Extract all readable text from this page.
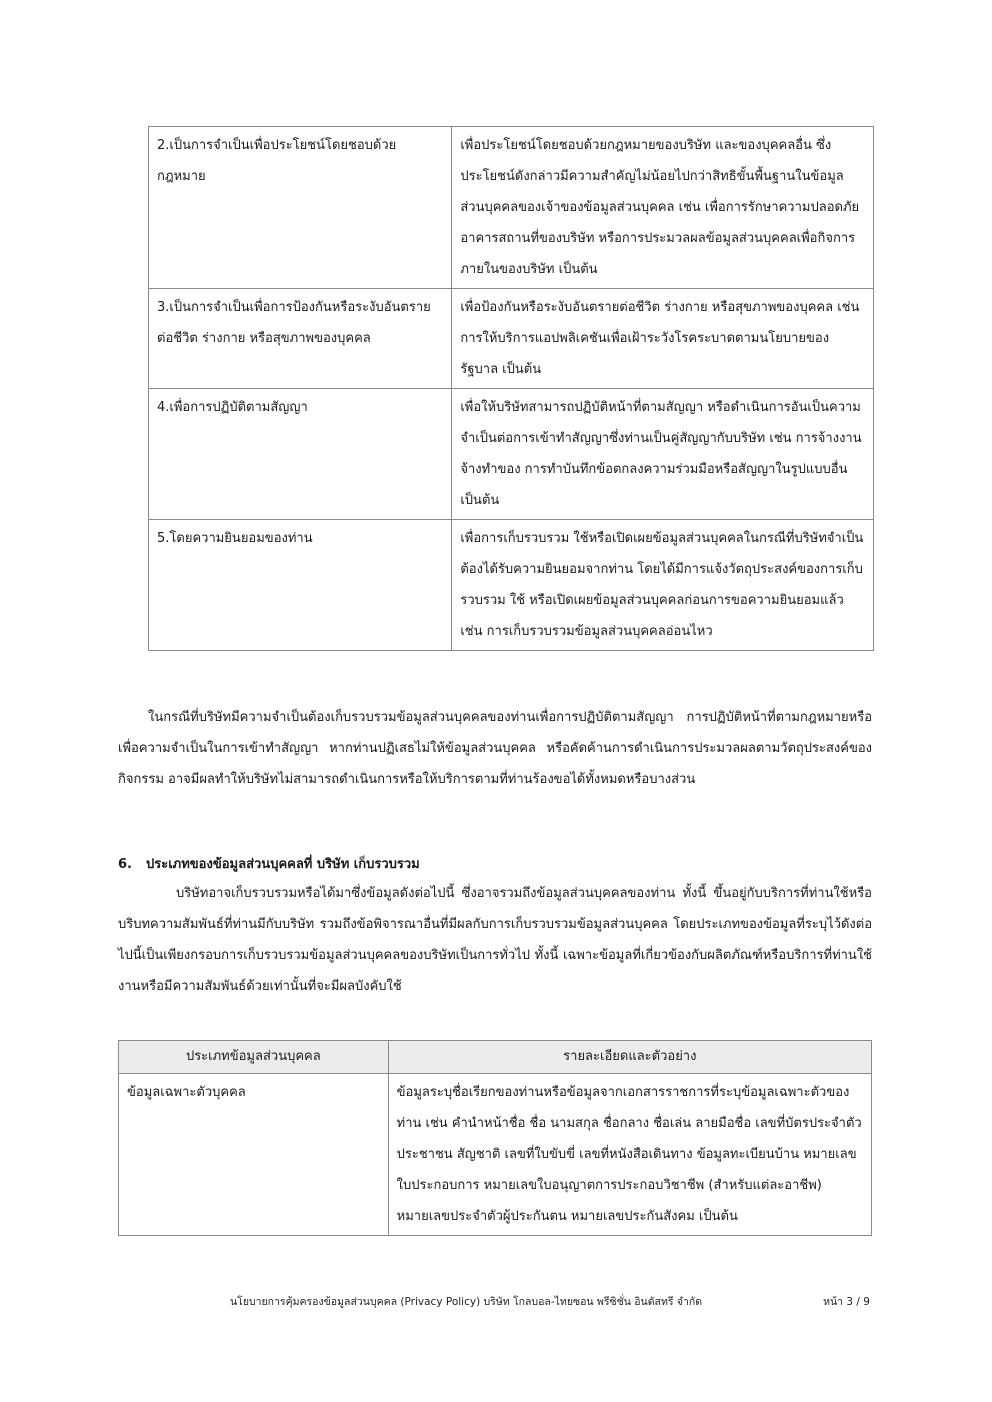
2.เป็นการจำเป็นเพื่อประโยชน์โดยชอบด้วยกฎหมาย	เพื่อประโยชน์โดยชอบด้วยกฎหมายของบริษัท และของบุคคลอื่น ซึ่งประโยชน์ดังกล่าวมีความสำคัญไม่น้อยไปกว่าสิทธิขั้นพื้นฐานในข้อมูลส่วนบุคคลของเจ้าของข้อมูลส่วนบุคคล เช่น เพื่อการรักษาความปลอดภัยอาคารสถานที่ของบริษัท หรือการประมวลผลข้อมูลส่วนบุคคลเพื่อกิจการภายในของบริษัท เป็นต้น
3.เป็นการจำเป็นเพื่อการป้องกันหรือระงับอันตรายต่อชีวิต ร่างกาย หรือสุขภาพของบุคคล	เพื่อป้องกันหรือระงับอันตรายต่อชีวิต ร่างกาย หรือสุขภาพของบุคคล เช่น การให้บริการแอปพลิเคชันเพื่อเฝ้าระวังโรคระบาดตามนโยบายของรัฐบาล เป็นต้น
4.เพื่อการปฏิบัติตามสัญญา	เพื่อให้บริษัทสามารถปฏิบัติหน้าที่ตามสัญญา หรือดำเนินการอันเป็นความจำเป็นต่อการเข้าทำสัญญาซึ่งท่านเป็นคู่สัญญากับบริษัท เช่น การจ้างงาน จ้างทำของ การทำบันทึกข้อตกลงความร่วมมือหรือสัญญาในรูปแบบอื่น เป็นต้น
5.โดยความยินยอมของท่าน	เพื่อการเก็บรวบรวม ใช้หรือเปิดเผยข้อมูลส่วนบุคคลในกรณีที่บริษัทจำเป็นต้องได้รับความยินยอมจากท่าน โดยได้มีการแจ้งวัตถุประสงค์ของการเก็บรวบรวม ใช้ หรือเปิดเผยข้อมูลส่วนบุคคลก่อนการขอความยินยอมแล้ว เช่น การเก็บรวบรวมข้อมูลส่วนบุคคลอ่อนไหว
ในกรณีที่บริษัทมีความจำเป็นต้องเก็บรวบรวมข้อมูลส่วนบุคคลของท่านเพื่อการปฏิบัติตามสัญญา การปฏิบัติหน้าที่ตามกฎหมายหรือเพื่อความจำเป็นในการเข้าทำสัญญา หากท่านปฏิเสธไม่ให้ข้อมูลส่วนบุคคล หรือคัดค้านการดำเนินการประมวลผลตามวัตถุประสงค์ของกิจกรรม อาจมีผลทำให้บริษัทไม่สามารถดำเนินการหรือให้บริการตามที่ท่านร้องขอได้ทั้งหมดหรือบางส่วน
6. ประเภทของข้อมูลส่วนบุคคลที่ บริษัท เก็บรวบรวม
บริษัทอาจเก็บรวบรวมหรือได้มาซึ่งข้อมูลดังต่อไปนี้ ซึ่งอาจรวมถึงข้อมูลส่วนบุคคลของท่าน ทั้งนี้ ขึ้นอยู่กับบริการที่ท่านใช้หรือบริบทความสัมพันธ์ที่ท่านมีกับบริษัท รวมถึงข้อพิจารณาอื่นที่มีผลกับการเก็บรวบรวมข้อมูลส่วนบุคคล โดยประเภทของข้อมูลที่ระบุไว้ดังต่อไปนี้เป็นเพียงกรอบการเก็บรวบรวมข้อมูลส่วนบุคคลของบริษัทเป็นการทั่วไป ทั้งนี้ เฉพาะข้อมูลที่เกี่ยวข้องกับผลิตภัณฑ์หรือบริการที่ท่านใช้งานหรือมีความสัมพันธ์ด้วยเท่านั้นที่จะมีผลบังคับใช้
ประเภทข้อมูลส่วนบุคคล	รายละเอียดและตัวอย่าง
ข้อมูลเฉพาะตัวบุคคล	ข้อมูลระบุชื่อเรียกของท่านหรือข้อมูลจากเอกสารราชการที่ระบุข้อมูลเฉพาะตัวของท่าน เช่น คำนำหน้าชื่อ ชื่อ นามสกุล ชื่อกลาง ชื่อเล่น ลายมือชื่อ เลขที่บัตรประจำตัวประชาชน สัญชาติ เลขที่ใบขับขี่ เลขที่หนังสือเดินทาง ข้อมูลทะเบียนบ้าน หมายเลขใบประกอบการ หมายเลขใบอนุญาตการประกอบวิชาชีพ (สำหรับแต่ละอาชีพ) หมายเลขประจำตัวผู้ประกันตน หมายเลขประกันสังคม เป็นต้น
นโยบายการคุ้มครองข้อมูลส่วนบุคคล (Privacy Policy) บริษัท โกลบอล-ไทยซอน พรีซิชั่น อินดัสทรี จำกัด	หน้า 3 / 9
